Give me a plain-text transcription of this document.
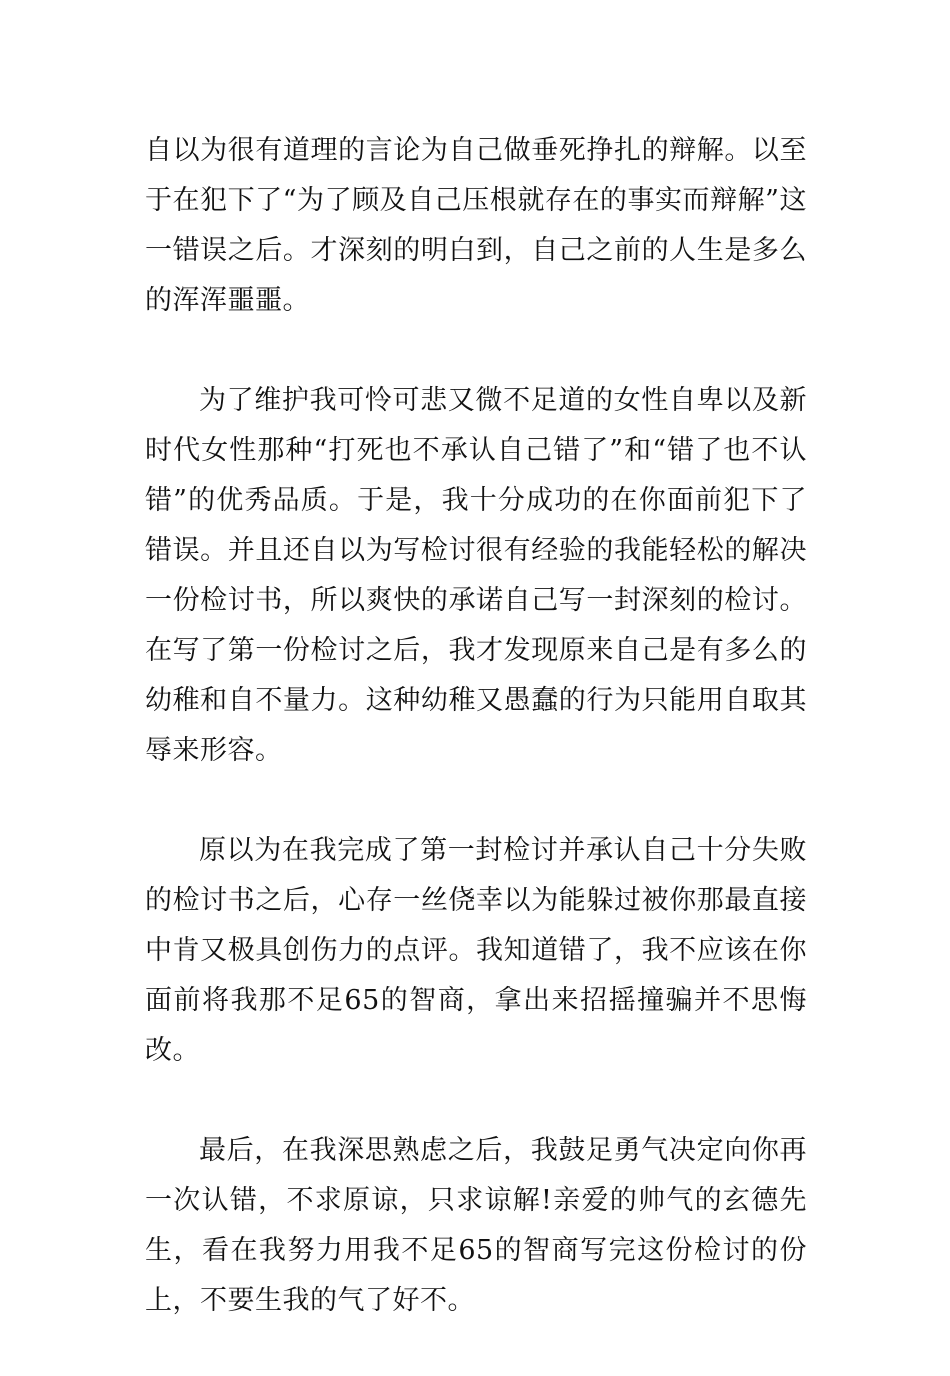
自以为很有道理的言论为自己做垂死挣扎的辩解。以至于在犯下了“为了顾及自己压根就存在的事实而辩解”这一错误之后。才深刻的明白到，自己之前的人生是多么的浑浑噩噩。

为了维护我可怜可悲又微不足道的女性自卑以及新时代女性那种“打死也不承认自己错了”和“错了也不认错”的优秀品质。于是，我十分成功的在你面前犯下了错误。并且还自以为写检讨很有经验的我能轻松的解决一份检讨书，所以爽快的承诺自己写一封深刻的检讨。在写了第一份检讨之后，我才发现原来自己是有多么的幼稚和自不量力。这种幼稚又愚蠢的行为只能用自取其辱来形容。

原以为在我完成了第一封检讨并承认自己十分失败的检讨书之后，心存一丝侥幸以为能躲过被你那最直接中肯又极具创伤力的点评。我知道错了，我不应该在你面前将我那不足65的智商，拿出来招摇撞骗并不思悔改。

最后，在我深思熟虑之后，我鼓足勇气决定向你再一次认错，不求原谅，只求谅解!亲爱的帅气的玄德先生，看在我努力用我不足65的智商写完这份检讨的份上，不要生我的气了好不。
